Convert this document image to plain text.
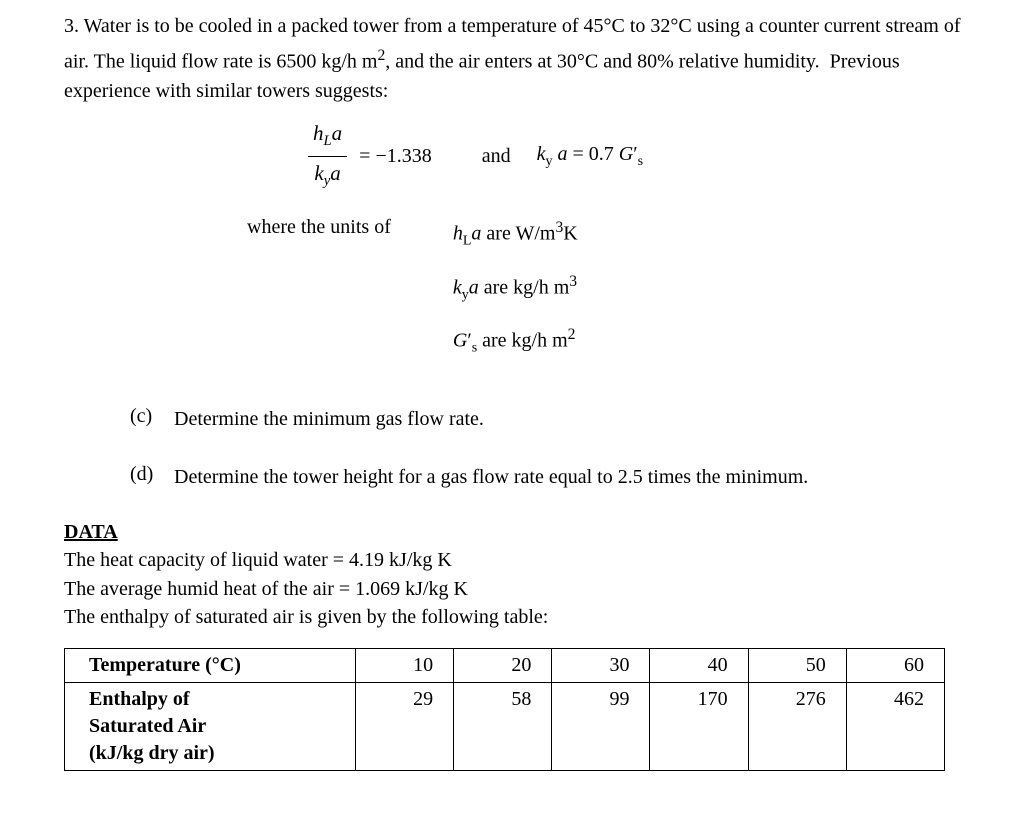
3. Water is to be cooled in a packed tower from a temperature of 45°C to 32°C using a counter current stream of air. The liquid flow rate is 6500 kg/h $m^2$, and the air enters at 30°C and 80% relative humidity.  Previous experience with similar towers suggests:

$\frac{h_La}{k_ya} = -1.338$	and $k_y$ a = 0.7 $G'_s$
where the units of	$h_La$ are $W/m^3K$
$k_ya$ are kg/h $m^3$
$G'_s$ are kg/h $m^2$
(c)	Determine the minimum gas flow rate.
(d)	Determine the tower height for a gas flow rate equal to 2.5 times the minimum.

DATA

The heat capacity of liquid water = 4.19 kJ/kg K
The average humid heat of the air = 1.069 kJ/kg K
The enthalpy of saturated air is given by the following table:
Temperature (°C)	10	20	30	40	50	60

Enthalpy of
Saturated Air
(kJ/kg dry air)	29	58	99	170	276	462
